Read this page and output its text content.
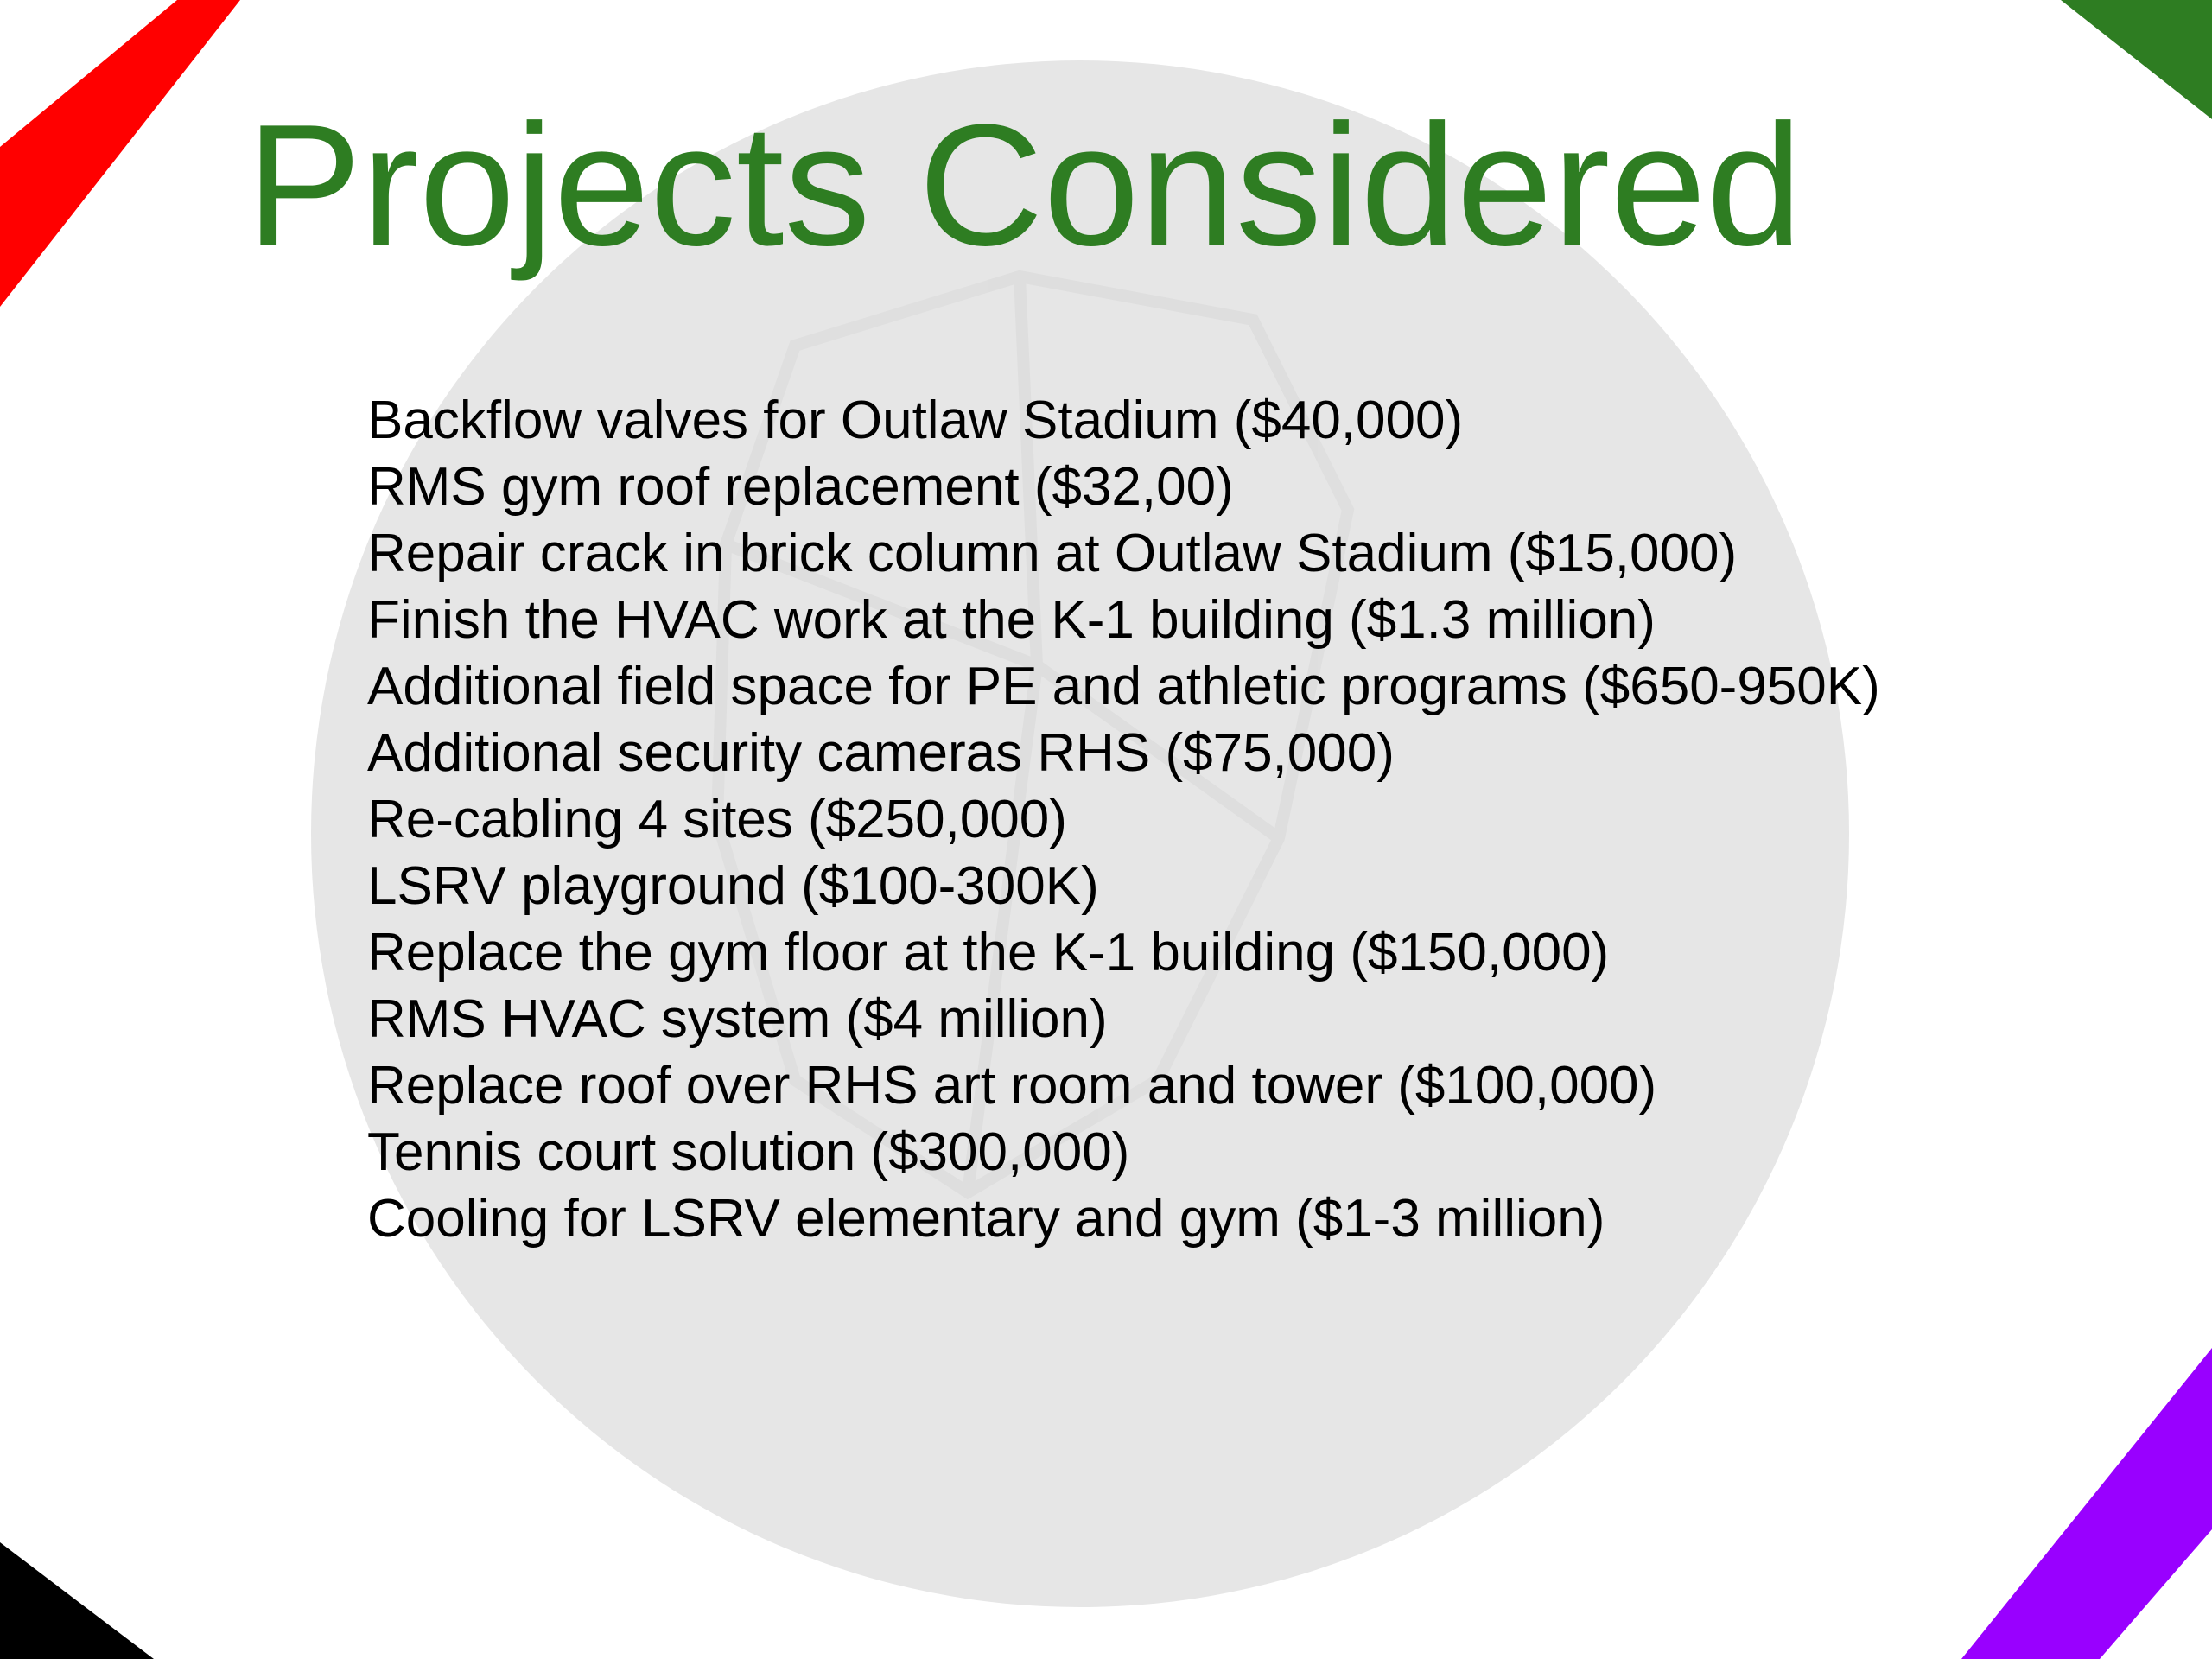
Projects Considered
Backflow valves for Outlaw Stadium ($40,000)
RMS gym roof replacement ($32,00)
Repair crack in brick column at Outlaw Stadium ($15,000)
Finish the HVAC work at the K-1 building ($1.3 million)
Additional field space for PE and athletic programs ($650-950K)
Additional security cameras RHS ($75,000)
Re-cabling 4 sites ($250,000)
LSRV playground ($100-300K)
Replace the gym floor at the K-1 building ($150,000)
RMS HVAC system ($4 million)
Replace roof over RHS art room and tower ($100,000)
Tennis court solution ($300,000)
Cooling for LSRV elementary and gym ($1-3 million)
